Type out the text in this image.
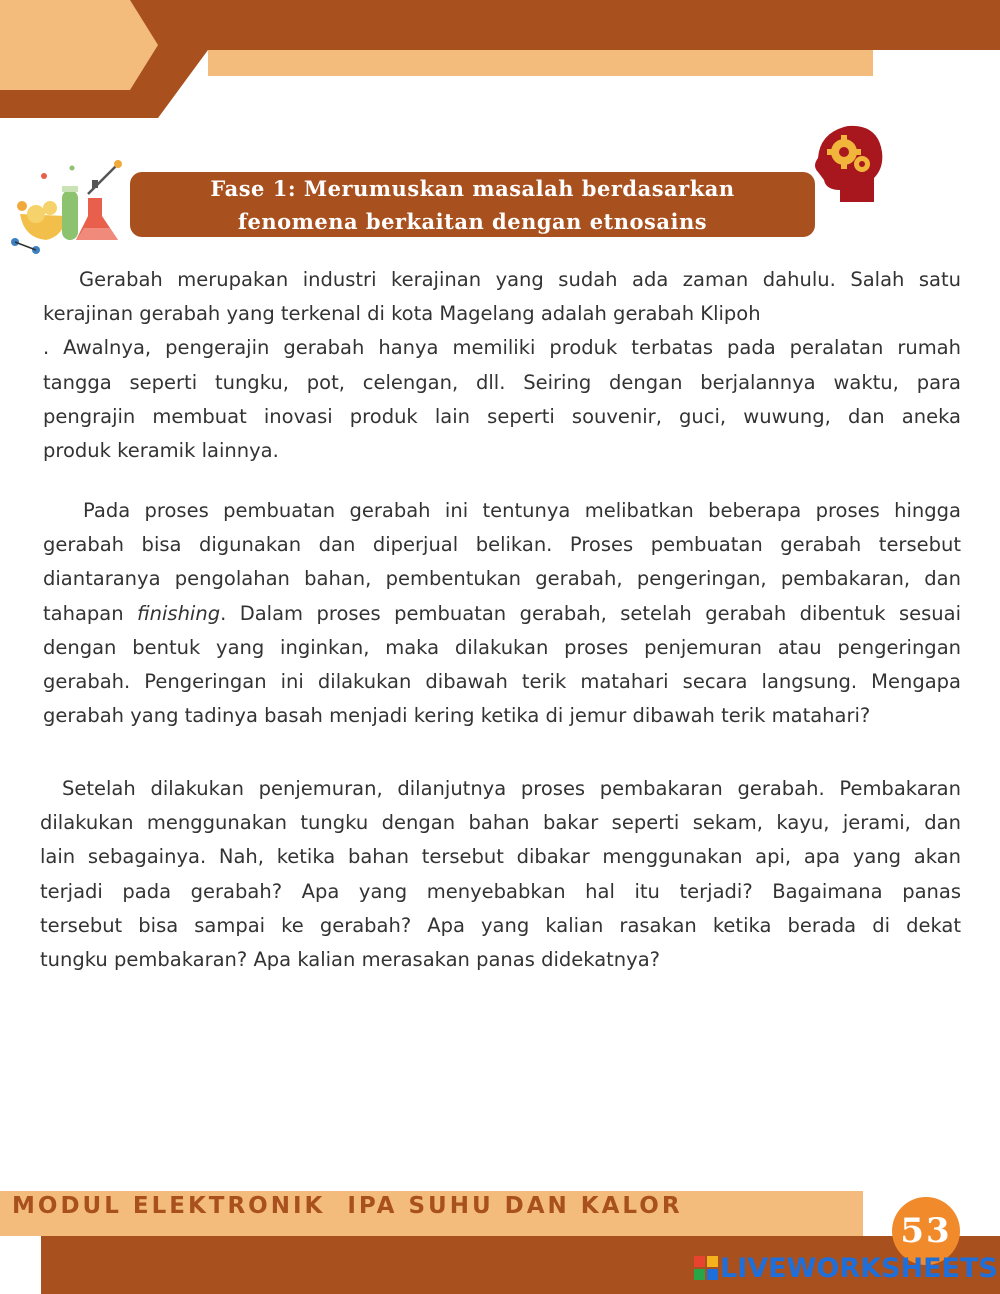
Fase 1: Merumuskan masalah berdasarkan
fenomena berkaitan dengan etnosains

Gerabah merupakan industri kerajinan yang sudah ada zaman dahulu. Salah satu
kerajinan gerabah yang terkenal di kota Magelang adalah gerabah Klipoh
. Awalnya, pengerajin gerabah hanya memiliki produk terbatas pada peralatan rumah
tangga seperti tungku, pot, celengan, dll. Seiring dengan berjalannya waktu, para
pengrajin membuat inovasi produk lain seperti souvenir, guci, wuwung, dan aneka
produk keramik lainnya.

Pada proses pembuatan gerabah ini tentunya melibatkan beberapa proses hingga
gerabah bisa digunakan dan diperjual belikan. Proses pembuatan gerabah tersebut
diantaranya pengolahan bahan, pembentukan gerabah, pengeringan, pembakaran, dan
tahapan finishing. Dalam proses pembuatan gerabah, setelah gerabah dibentuk sesuai
dengan bentuk yang inginkan, maka dilakukan proses penjemuran atau pengeringan
gerabah. Pengeringan ini dilakukan dibawah terik matahari secara langsung. Mengapa
gerabah yang tadinya basah menjadi kering ketika di jemur dibawah terik matahari?

Setelah dilakukan penjemuran, dilanjutnya proses pembakaran gerabah. Pembakaran
dilakukan menggunakan tungku dengan bahan bakar seperti sekam, kayu, jerami, dan
lain sebagainya. Nah, ketika bahan tersebut dibakar menggunakan api, apa yang akan
terjadi pada gerabah? Apa yang menyebabkan hal itu terjadi? Bagaimana panas
tersebut bisa sampai ke gerabah? Apa yang kalian rasakan ketika berada di dekat
tungku pembakaran? Apa kalian merasakan panas didekatnya?

MODUL ELEKTRONIK  IPA SUHU DAN KALOR
53
LIVEWORKSHEETS
